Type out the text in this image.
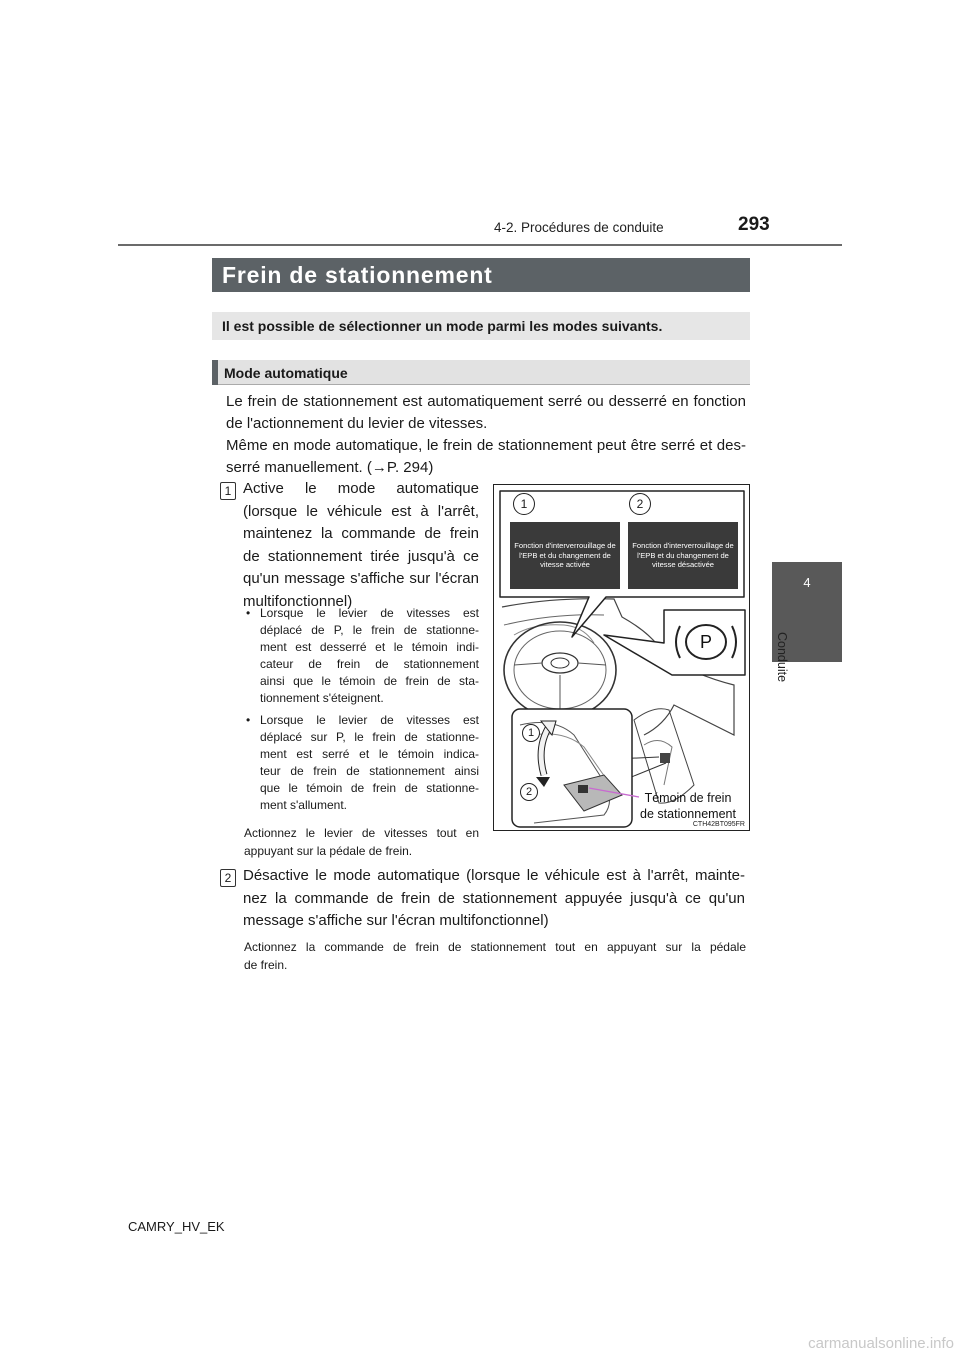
4-2. Procédures de conduite	293
4
Conduite
Frein de stationnement
Il est possible de sélectionner un mode parmi les modes suivants.
Mode automatique
Le frein de stationnement est automatiquement serré ou desserré en fonction
de l'actionnement du levier de vitesses.
Même en mode automatique, le frein de stationnement peut être serré et des-
serré manuellement. (→P. 294)
1 Active le mode automatique
(lorsque le véhicule est à l'arrêt,
maintenez la commande de frein
de stationnement tirée jusqu'à ce
qu'un message s'affiche sur l'écran
multifonctionnel)
• Lorsque le levier de vitesses est
déplacé de P, le frein de stationne-
ment est desserré et le témoin indi-
cateur de frein de stationnement
ainsi que le témoin de frein de sta-
tionnement s'éteignent.
• Lorsque le levier de vitesses est
déplacé sur P, le frein de stationne-
ment est serré et le témoin indica-
teur de frein de stationnement ainsi
que le témoin de frein de stationne-
ment s'allument.
Actionnez le levier de vitesses tout en
appuyant sur la pédale de frein.
1	2
Fonction d'interverrouillage de l'EPB et du changement de vitesse activée
Fonction d'interverrouillage de l'EPB et du changement de vitesse désactivée
P
1
2	Témoin de frein
de stationnement
CTH42BT095FR
2 Désactive le mode automatique (lorsque le véhicule est à l'arrêt, mainte-
nez la commande de frein de stationnement appuyée jusqu'à ce qu'un
message s'affiche sur l'écran multifonctionnel)
Actionnez la commande de frein de stationnement tout en appuyant sur la pédale
de frein.
CAMRY_HV_EK
carmanualsonline.info
